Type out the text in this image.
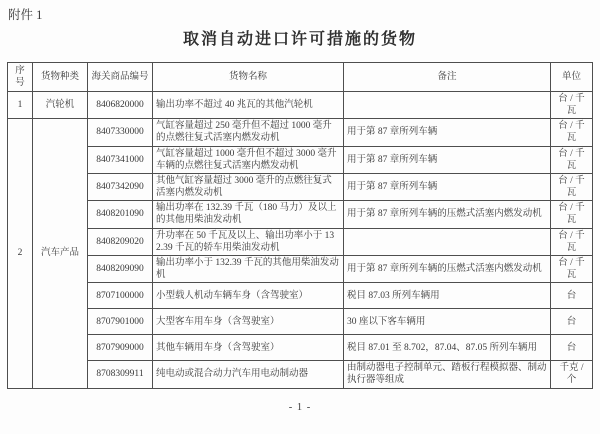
附件 1
取消自动进口许可措施的货物
序号	货物种类	海关商品编号	货物名称	备注	单位
1	汽轮机	8406820000	输出功率不超过 40 兆瓦的其他汽轮机		台 / 千瓦
2	汽车产品	8407330000	气缸容量超过 250 毫升但不超过 1000 毫升的点燃往复式活塞内燃发动机	用于第 87 章所列车辆	台 / 千瓦
		8407341000	气缸容量超过 1000 毫升但不超过 3000 毫升车辆的点燃往复式活塞内燃发动机	用于第 87 章所列车辆	台 / 千瓦
		8407342090	其他气缸容量超过 3000 毫升的点燃往复式活塞内燃发动机	用于第 87 章所列车辆	台 / 千瓦
		8408201090	输出功率在 132.39 千瓦（180 马力）及以上的其他用柴油发动机	用于第 87 章所列车辆的压燃式活塞内燃发动机	台 / 千瓦
		8408209020	升功率在 50 千瓦及以上、输出功率小于 132.39 千瓦的轿车用柴油发动机		台 / 千瓦
		8408209090	输出功率小于 132.39 千瓦的其他用柴油发动机	用于第 87 章所列车辆的压燃式活塞内燃发动机	台 / 千瓦
		8707100000	小型载人机动车辆车身（含驾驶室）	税目 87.03 所列车辆用	台
		8707901000	大型客车用车身（含驾驶室）	30 座以下客车辆用	台
		8707909000	其他车辆用车身（含驾驶室）	税目 87.01 至 8.702，87.04、87.05 所列车辆用	台
		8708309911	纯电动或混合动力汽车用电动制动器	由制动器电子控制单元、踏板行程模拟器、制动执行器等组成	千克 / 个
- 1 -
